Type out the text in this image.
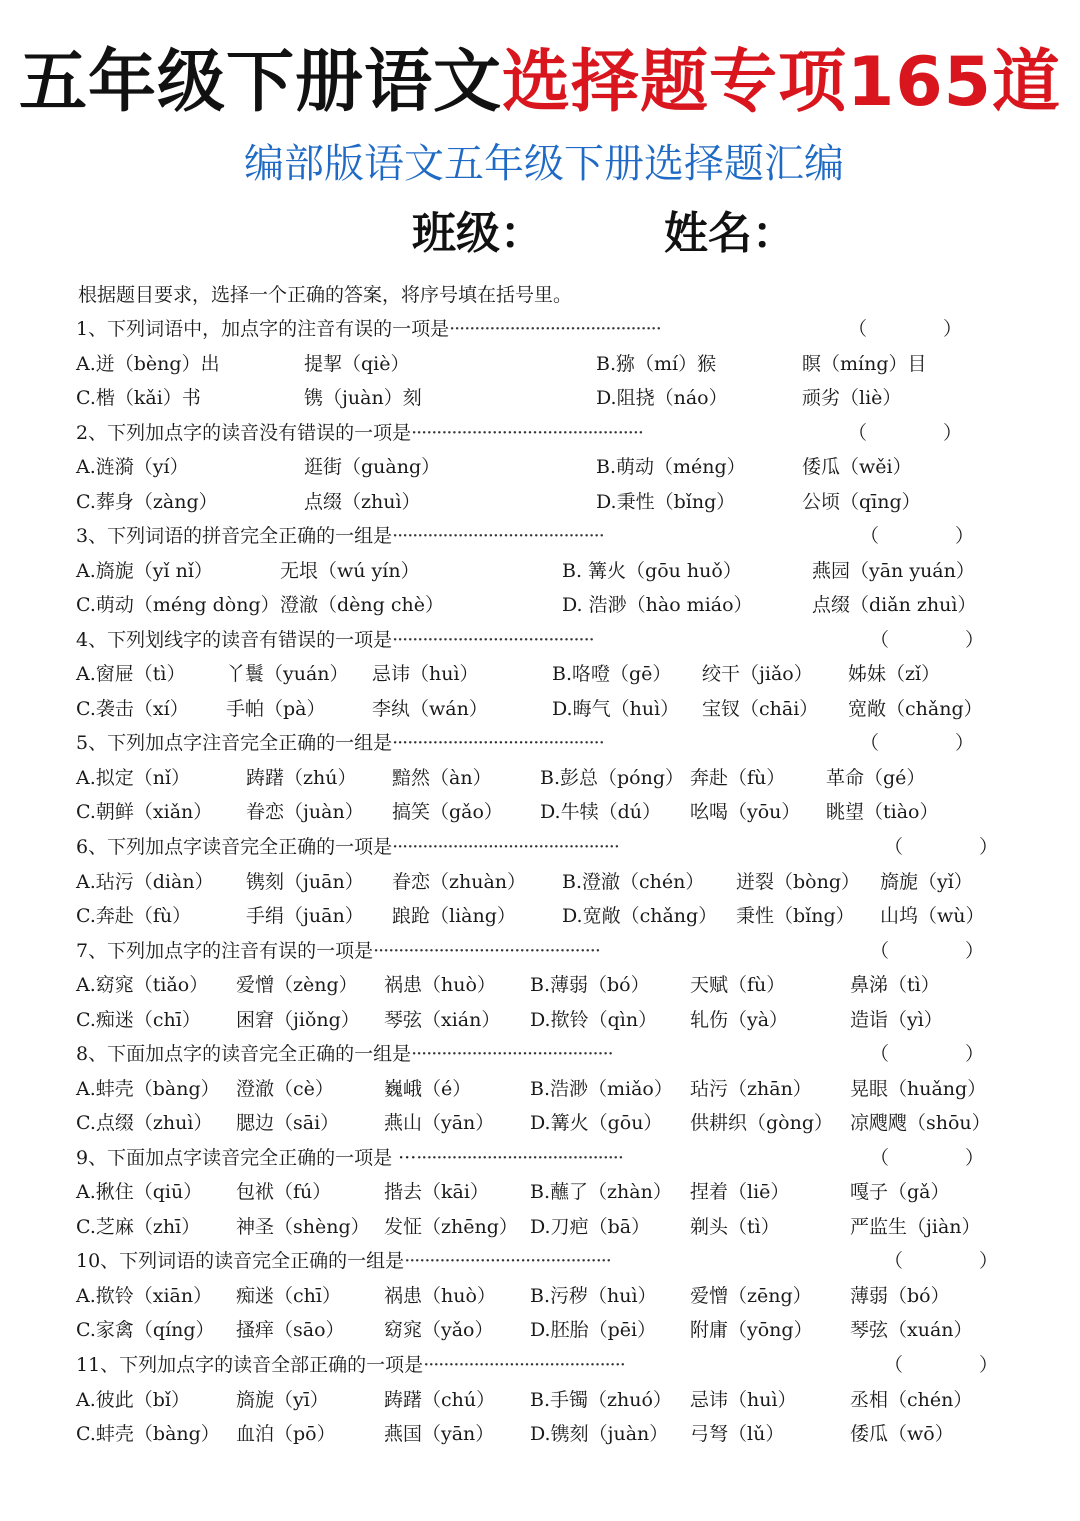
五年级下册语文选择题专项165道
编部版语文五年级下册选择题汇编
班级：	姓名：
根据题目要求，选择一个正确的答案，将序号填在括号里。
1、下列词语中，加点字的注音有误的一项是··········································	（　　　　）
A.迸（bèng）出	提挈（qiè）	B.猕（mí）猴	瞑（míng）目
C.楷（kǎi）书	镌（juàn）刻	D.阻挠（náo）	顽劣（liè）
2、下列加点字的读音没有错误的一项是··············································	（　　　　）
A.涟漪（yí）	逛街（guàng）	B.萌动（méng）	倭瓜（wěi）
C.葬身（zàng）	点缀（zhuì）	D.秉性（bǐng）	公顷（qīng）
3、下列词语的拼音完全正确的一组是··········································	（　　　　）
A.旖旎（yǐ nǐ）	无垠（wú yín）	B. 篝火（gōu huǒ）	燕园（yān yuán）
C.萌动（méng dòng） 澄澈（dèng chè）	D. 浩渺（hào miáo）	点缀（diǎn zhuì）
4、下列划线字的读音有错误的一项是········································	（　　　　）
A.窗屉（tì） 丫鬟（yuán） 忌讳（huì）	B.咯噔（gē） 绞干（jiǎo） 姊妹（zǐ）
C.袭击（xí） 手帕（pà） 李纨（wán）	D.晦气（huì） 宝钗（chāi） 宽敞（chǎng）
5、下列加点字注音完全正确的一组是··········································	（　　　　）
A.拟定（nǐ）	踌躇（zhú） 黯然（àn）	B.彭总（póng） 奔赴（fù） 革命（gé）
C.朝鲜（xiǎn） 眷恋（juàn） 搞笑（gǎo） D.牛犊（dú） 吆喝（yōu） 眺望（tiào）
6、下列加点字读音完全正确的一项是·············································	（　　　　）
A.玷污（diàn） 镌刻（juān） 眷恋（zhuàn） B.澄澈（chén） 迸裂（bòng） 旖旎（yǐ）
C.奔赴（fù）	手绢（juān） 踉跄（liàng） D.宽敞（chǎng） 秉性（bǐng） 山坞（wù）
7、下列加点字的注音有误的一项是·············································	（　　　　）
A.窈窕（tiǎo） 爱憎（zèng） 祸患（huò） B.薄弱（bó） 天赋（fù）	鼻涕（tì）
C.痴迷（chī） 困窘（jiǒng） 琴弦（xián） D.揿铃（qìn） 轧伤（yà）	造诣（yì）
8、下面加点字的读音完全正确的一组是········································	（　　　　）
A.蚌壳（bàng） 澄澈（cè）	巍峨（é）	B.浩渺（miǎo） 玷污（zhān） 晃眼（huǎng）
C.点缀（zhuì） 腮边（sāi） 燕山（yān） D.篝火（gōu） 供耕织（gòng） 凉飕飕（shōu）
9、下面加点字读音完全正确的一项是 ············································	（　　　　）
A.揪住（qiū） 包袱（fú）	揩去（kāi） B.蘸了（zhàn） 捏着（liē）	嘎子（gǎ）
C.芝麻（zhī） 神圣（shèng） 发怔（zhēng） D.刀疤（bā） 剃头（tì）	严监生（jiàn）
10、下列词语的读音完全正确的一组是·········································	（　　　　）
A.揿铃（xiān） 痴迷（chī） 祸患（huò） B.污秽（huì） 爱憎（zēng） 薄弱（bó）
C.家禽（qíng） 搔痒（sāo） 窈窕（yǎo） D.胚胎（pēi） 附庸（yōng） 琴弦（xuán）
11、下列加点字的读音全部正确的一项是········································	（　　　　）
A.彼此（bǐ） 旖旎（yī）	踌躇（chú） B.手镯（zhuó） 忌讳（huì）	丞相（chén）
C.蚌壳（bàng） 血泊（pō）	燕国（yān） D.镌刻（juàn） 弓弩（lǔ）	倭瓜（wō）
